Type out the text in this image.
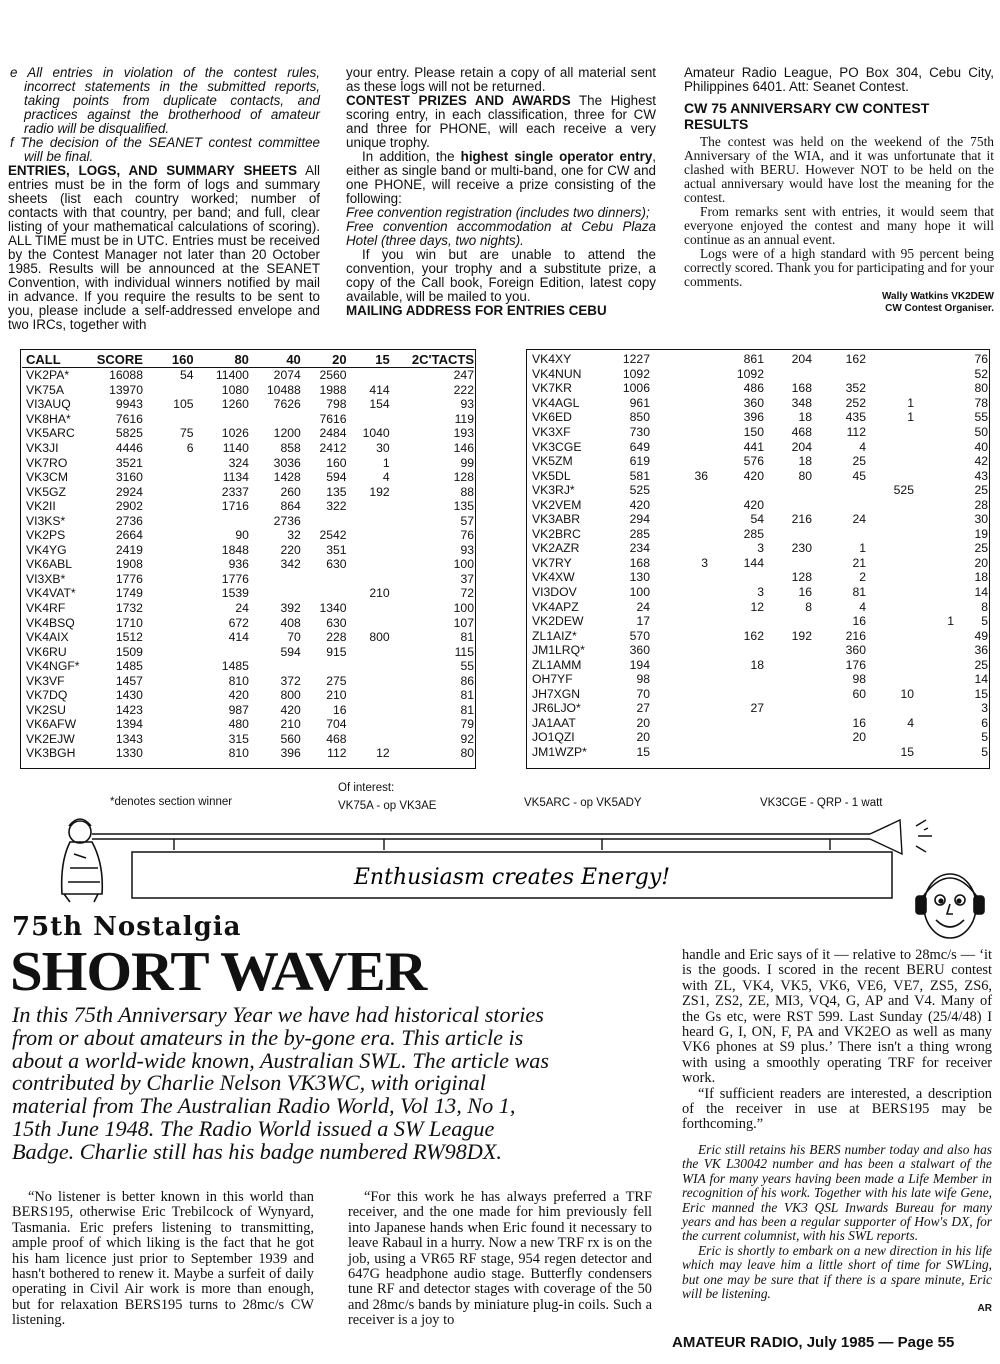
e All entries in violation of the contest rules, incorrect statements in the submitted reports, taking points from duplicate contacts, and practices against the brotherhood of amateur radio will be disqualified.

f The decision of the SEANET contest committee will be final.

ENTRIES, LOGS, AND SUMMARY SHEETS All entries must be in the form of logs and summary sheets (list each country worked; number of contacts with that country, per band; and full, clear listing of your mathematical calculations of scoring). ALL TIME must be in UTC. Entries must be received by the Contest Manager not later than 20 October 1985. Results will be announced at the SEANET Convention, with individual winners notified by mail in advance. If you require the results to be sent to you, please include a self-addressed envelope and two IRCs, together with

your entry. Please retain a copy of all material sent as these logs will not be returned.

CONTEST PRIZES AND AWARDS The Highest scoring entry, in each classification, three for CW and three for PHONE, will each receive a very unique trophy.

In addition, the highest single operator entry, either as single band or multi-band, one for CW and one PHONE, will receive a prize consisting of the following:

Free convention registration (includes two dinners);

Free convention accommodation at Cebu Plaza Hotel (three days, two nights).

If you win but are unable to attend the convention, your trophy and a substitute prize, a copy of the Call book, Foreign Edition, latest copy available, will be mailed to you.

MAILING ADDRESS FOR ENTRIES CEBU

Amateur Radio League, PO Box 304, Cebu City, Philippines 6401. Att: Seanet Contest.

CW 75 ANNIVERSARY CW CONTEST RESULTS

The contest was held on the weekend of the 75th Anniversary of the WIA, and it was unfortunate that it clashed with BERU. However NOT to be held on the actual anniversary would have lost the meaning for the contest.

From remarks sent with entries, it would seem that everyone enjoyed the contest and many hope it will continue as an annual event.

Logs were of a high standard with 95 percent being correctly scored. Thank you for participating and for your comments.

Wally Watkins VK2DEW
CW Contest Organiser.
CALL	SCORE	160	80	40	20	15	2	C'TACTS
VK2PA*	16088	54	11400	2074	2560			247
VK75A	13970		1080	10488	1988	414		222
VI3AUQ	9943	105	1260	7626	798	154		93
VK8HA*	7616				7616			119
VK5ARC	5825	75	1026	1200	2484	1040		193
VK3JI	4446	6	1140	858	2412	30		146
VK7RO	3521		324	3036	160	1		99
VK3CM	3160		1134	1428	594	4		128
VK5GZ	2924		2337	260	135	192		88
VK2II	2902		1716	864	322			135
VI3KS*	2736			2736				57
VK2PS	2664		90	32	2542			76
VK4YG	2419		1848	220	351			93
VK6ABL	1908		936	342	630			100
VI3XB*	1776		1776					37
VK4VAT*	1749		1539			210		72
VK4RF	1732		24	392	1340			100
VK4BSQ	1710		672	408	630			107
VK4AIX	1512		414	70	228	800		81
VK6RU	1509			594	915			115
VK4NGF*	1485		1485					55
VK3VF	1457		810	372	275			86
VK7DQ	1430		420	800	210			81
VK2SU	1423		987	420	16			81
VK6AFW	1394		480	210	704			79
VK2EJW	1343		315	560	468			92
VK3BGH	1330		810	396	112	12		80
VK4XY	1227		861	204	162			76
VK4NUN	1092		1092					52
VK7KR	1006		486	168	352			80
VK4AGL	961		360	348	252	1		78
VK6ED	850		396	18	435	1		55
VK3XF	730		150	468	112			50
VK3CGE	649		441	204	4			40
VK5ZM	619		576	18	25			42
VK5DL	581	36	420	80	45			43
VK3RJ*	525					525		25
VK2VEM	420		420					28
VK3ABR	294		54	216	24			30
VK2BRC	285		285					19
VK2AZR	234		3	230	1			25
VK7RY	168	3	144		21			20
VK4XW	130			128	2			18
VI3DOV	100		3	16	81			14
VK4APZ	24		12	8	4			8
VK2DEW	17				16		1	5
ZL1AIZ*	570		162	192	216			49
JM1LRQ*	360				360			36
ZL1AMM	194		18		176			25
OH7YF	98				98			14
JH7XGN	70				60	10		15
JR6LJO*	27		27					3
JA1AAT	20				16	4		6
JO1QZI	20				20			5
JM1WZP*	15					15		5
*denotes section winner
Of interest:
VK75A - op VK3AE	VK5ARC - op VK5ADY	VK3CGE - QRP - 1 watt
Enthusiasm creates Energy!
75th Nostalgia
SHORT WAVER
In this 75th Anniversary Year we have had historical stories from or about amateurs in the by-gone era. This article is about a world-wide known, Australian SWL. The article was contributed by Charlie Nelson VK3WC, with original material from The Australian Radio World, Vol 13, No 1, 15th June 1948. The Radio World issued a SW League Badge. Charlie still has his badge numbered RW98DX.

“No listener is better known in this world than BERS195, otherwise Eric Trebilcock of Wynyard, Tasmania. Eric prefers listening to transmitting, ample proof of which liking is the fact that he got his ham licence just prior to September 1939 and hasn't bothered to renew it. Maybe a surfeit of daily operating in Civil Air work is more than enough, but for relaxation BERS195 turns to 28mc/s CW listening.

“For this work he has always preferred a TRF receiver, and the one made for him previously fell into Japanese hands when Eric found it necessary to leave Rabaul in a hurry. Now a new TRF rx is on the job, using a VR65 RF stage, 954 regen detector and 647G headphone audio stage. Butterfly condensers tune RF and detector stages with coverage of the 50 and 28mc/s bands by miniature plug-in coils. Such a receiver is a joy to

handle and Eric says of it — relative to 28mc/s — ‘it is the goods. I scored in the recent BERU contest with ZL, VK4, VK5, VK6, VE6, VE7, ZS5, ZS6, ZS1, ZS2, ZE, MI3, VQ4, G, AP and V4. Many of the Gs etc, were RST 599. Last Sunday (25/4/48) I heard G, I, ON, F, PA and VK2EO as well as many VK6 phones at S9 plus.’ There isn't a thing wrong with using a smoothly operating TRF for receiver work.

“If sufficient readers are interested, a description of the receiver in use at BERS195 may be forthcoming.”

Eric still retains his BERS number today and also has the VK L30042 number and has been a stalwart of the WIA for many years having been made a Life Member in recognition of his work. Together with his late wife Gene, Eric manned the VK3 QSL Inwards Bureau for many years and has been a regular supporter of How's DX, for the current columnist, with his SWL reports.

Eric is shortly to embark on a new direction in his life which may leave him a little short of time for SWLing, but one may be sure that if there is a spare minute, Eric will be listening.

AR
AMATEUR RADIO, July 1985 — Page 55
